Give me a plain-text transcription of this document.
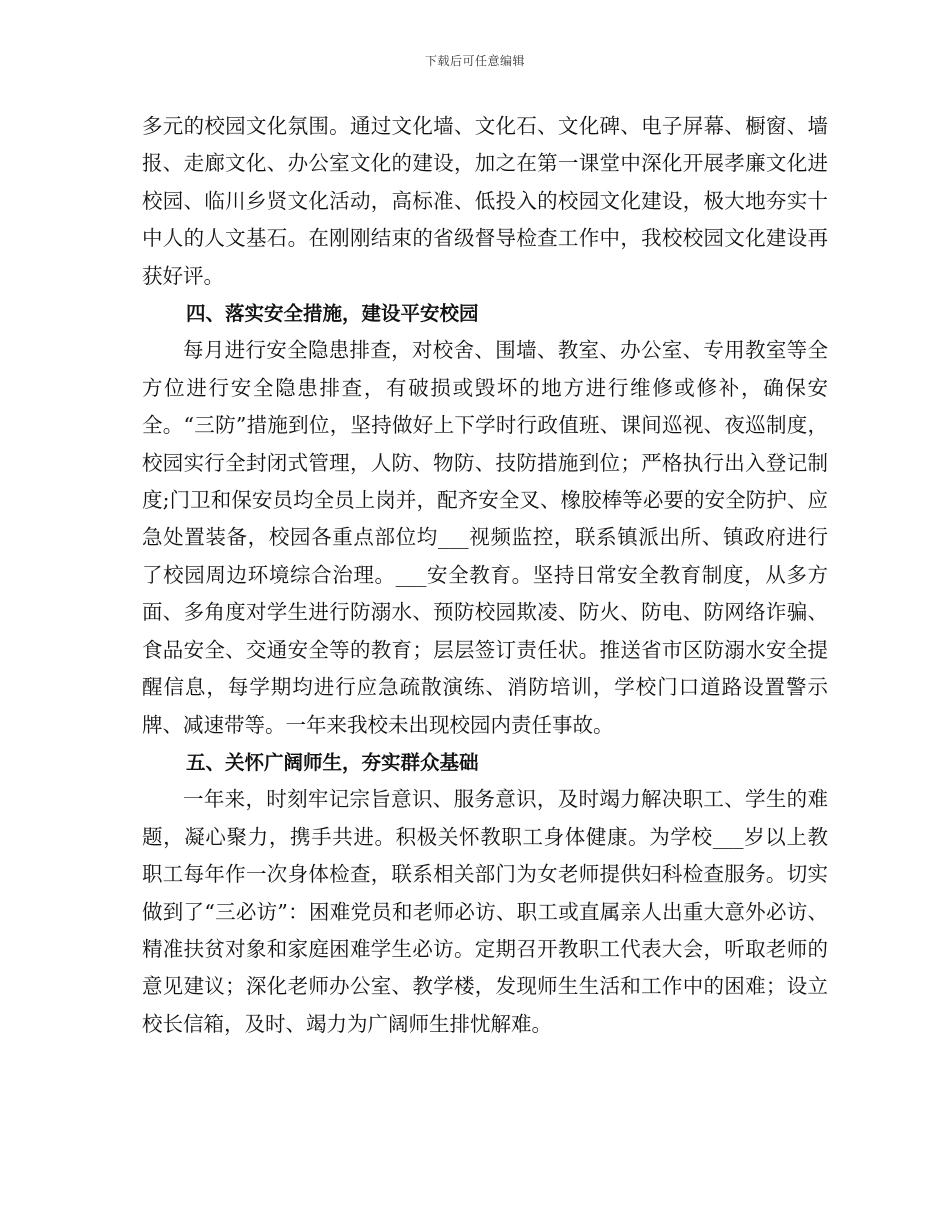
下载后可任意编辑

多元的校园文化氛围。通过文化墙、文化石、文化碑、电子屏幕、橱窗、墙报、走廊文化、办公室文化的建设，加之在第一课堂中深化开展孝廉文化进校园、临川乡贤文化活动，高标准、低投入的校园文化建设，极大地夯实十中人的人文基石。在刚刚结束的省级督导检查工作中，我校校园文化建设再获好评。

四、落实安全措施，建设平安校园

每月进行安全隐患排查，对校舍、围墙、教室、办公室、专用教室等全方位进行安全隐患排查，有破损或毁坏的地方进行维修或修补，确保安全。“三防”措施到位，坚持做好上下学时行政值班、课间巡视、夜巡制度，校园实行全封闭式管理，人防、物防、技防措施到位；严格执行出入登记制度;门卫和保安员均全员上岗并，配齐安全叉、橡胶棒等必要的安全防护、应急处置装备，校园各重点部位均___视频监控，联系镇派出所、镇政府进行了校园周边环境综合治理。___安全教育。坚持日常安全教育制度，从多方面、多角度对学生进行防溺水、预防校园欺凌、防火、防电、防网络诈骗、食品安全、交通安全等的教育；层层签订责任状。推送省市区防溺水安全提醒信息，每学期均进行应急疏散演练、消防培训，学校门口道路设置警示牌、减速带等。一年来我校未出现校园内责任事故。

五、关怀广阔师生，夯实群众基础

一年来，时刻牢记宗旨意识、服务意识，及时竭力解决职工、学生的难题，凝心聚力，携手共进。积极关怀教职工身体健康。为学校___岁以上教职工每年作一次身体检查，联系相关部门为女老师提供妇科检查服务。切实做到了“三必访”：困难党员和老师必访、职工或直属亲人出重大意外必访、精准扶贫对象和家庭困难学生必访。定期召开教职工代表大会，听取老师的意见建议；深化老师办公室、教学楼，发现师生生活和工作中的困难；设立校长信箱，及时、竭力为广阔师生排忧解难。
